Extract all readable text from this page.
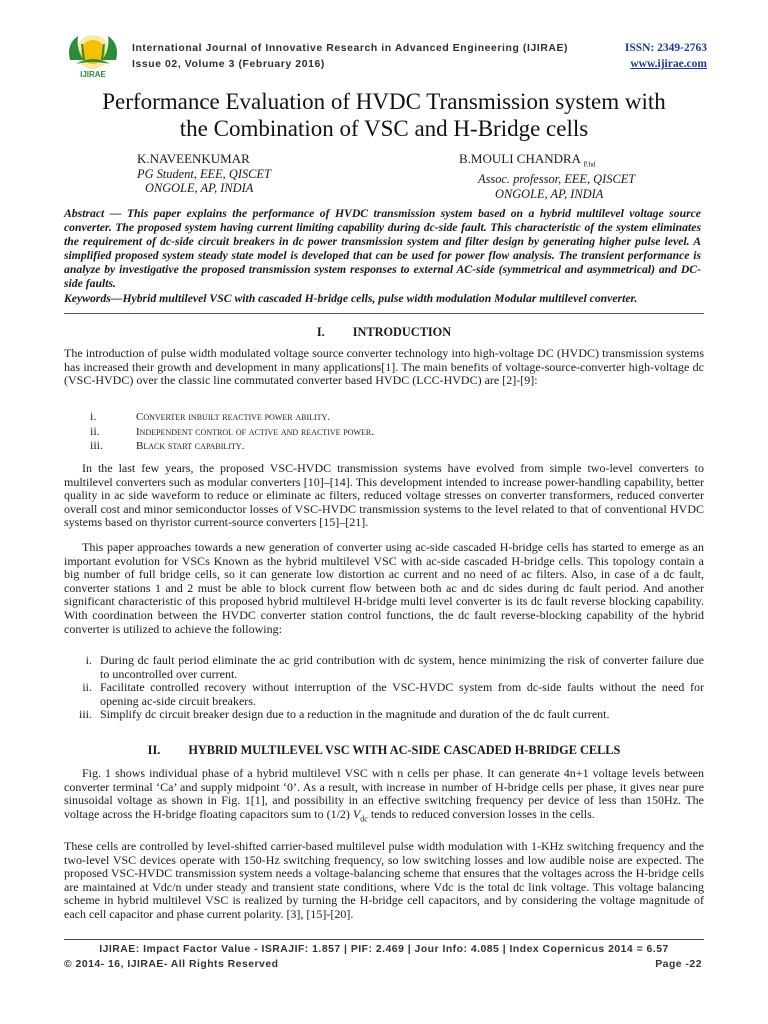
IJIRAE
International Journal of Innovative Research in Advanced Engineering (IJIRAE)
Issue 02, Volume 3 (February 2016)
ISSN: 2349-2763
www.ijirae.com
Performance Evaluation of HVDC Transmission system with
the Combination of VSC and H-Bridge cells
K.NAVEENKUMAR
PG Student, EEE, QISCET
ONGOLE, AP, INDIA
B.MOULI CHANDRA $_{P.hd}$
Assoc. professor, EEE, QISCET
ONGOLE, AP, INDIA
Abstract — This paper explains the performance of HVDC transmission system based on a hybrid multilevel voltage source converter. The proposed system having current limiting capability during dc-side fault. This characteristic of the system eliminates the requirement of dc-side circuit breakers in dc power transmission system and filter design by generating higher pulse level. A simplified proposed system steady state model is developed that can be used for power flow analysis. The transient performance is analyze by investigative the proposed transmission system responses to external AC-side (symmetrical and asymmetrical) and DC-side faults.
Keywords—Hybrid multilevel VSC with cascaded H-bridge cells, pulse width modulation Modular multilevel converter.
I. INTRODUCTION
The introduction of pulse width modulated voltage source converter technology into high-voltage DC (HVDC) transmission systems has increased their growth and development in many applications[1]. The main benefits of voltage-source-converter high-voltage dc (VSC-HVDC) over the classic line commutated converter based HVDC (LCC-HVDC) are [2]-[9]:
i.	Converter inbuilt reactive power ability.
ii.	Independent control of active and reactive power.
iii.	Black start capability.
In the last few years, the proposed VSC-HVDC transmission systems have evolved from simple two-level converters to multilevel converters such as modular converters [10]–[14]. This development intended to increase power-handling capability, better quality in ac side waveform to reduce or eliminate ac filters, reduced voltage stresses on converter transformers, reduced converter overall cost and minor semiconductor losses of VSC-HVDC transmission systems to the level related to that of conventional HVDC systems based on thyristor current-source converters [15]–[21].
This paper approaches towards a new generation of converter using ac-side cascaded H-bridge cells has started to emerge as an important evolution for VSCs Known as the hybrid multilevel VSC with ac-side cascaded H-bridge cells. This topology contain a big number of full bridge cells, so it can generate low distortion ac current and no need of ac filters. Also, in case of a dc fault, converter stations 1 and 2 must be able to block current flow between both ac and dc sides during dc fault period. And another significant characteristic of this proposed hybrid multilevel H-bridge multi level converter is its dc fault reverse blocking capability. With coordination between the HVDC converter station control functions, the dc fault reverse-blocking capability of the hybrid converter is utilized to achieve the following:
i. During dc fault period eliminate the ac grid contribution with dc system, hence minimizing the risk of converter failure due to uncontrolled over current.
ii. Facilitate controlled recovery without interruption of the VSC-HVDC system from dc-side faults without the need for opening ac-side circuit breakers.
iii. Simplify dc circuit breaker design due to a reduction in the magnitude and duration of the dc fault current.
II. HYBRID MULTILEVEL VSC WITH AC-SIDE CASCADED H-BRIDGE CELLS
Fig. 1 shows individual phase of a hybrid multilevel VSC with n cells per phase. It can generate 4n+1 voltage levels between converter terminal ‘Ca’ and supply midpoint ‘0’. As a result, with increase in number of H-bridge cells per phase, it gives near pure sinusoidal voltage as shown in Fig. 1[1], and possibility in an effective switching frequency per device of less than 150Hz. The voltage across the H-bridge floating capacitors sum to (1/2) $V_{dc}$ tends to reduced conversion losses in the cells.
These cells are controlled by level-shifted carrier-based multilevel pulse width modulation with 1-KHz switching frequency and the two-level VSC devices operate with 150-Hz switching frequency, so low switching losses and low audible noise are expected. The proposed VSC-HVDC transmission system needs a voltage-balancing scheme that ensures that the voltages across the H-bridge cells are maintained at Vdc/n under steady and transient state conditions, where Vdc is the total dc link voltage. This voltage balancing scheme in hybrid multilevel VSC is realized by turning the H-bridge cell capacitors, and by considering the voltage magnitude of each cell capacitor and phase current polarity. [3], [15]-[20].
IJIRAE: Impact Factor Value - ISRAJIF: 1.857 | PIF: 2.469 | Jour Info: 4.085 | Index Copernicus 2014 = 6.57
© 2014- 16, IJIRAE- All Rights Reserved	Page -22
